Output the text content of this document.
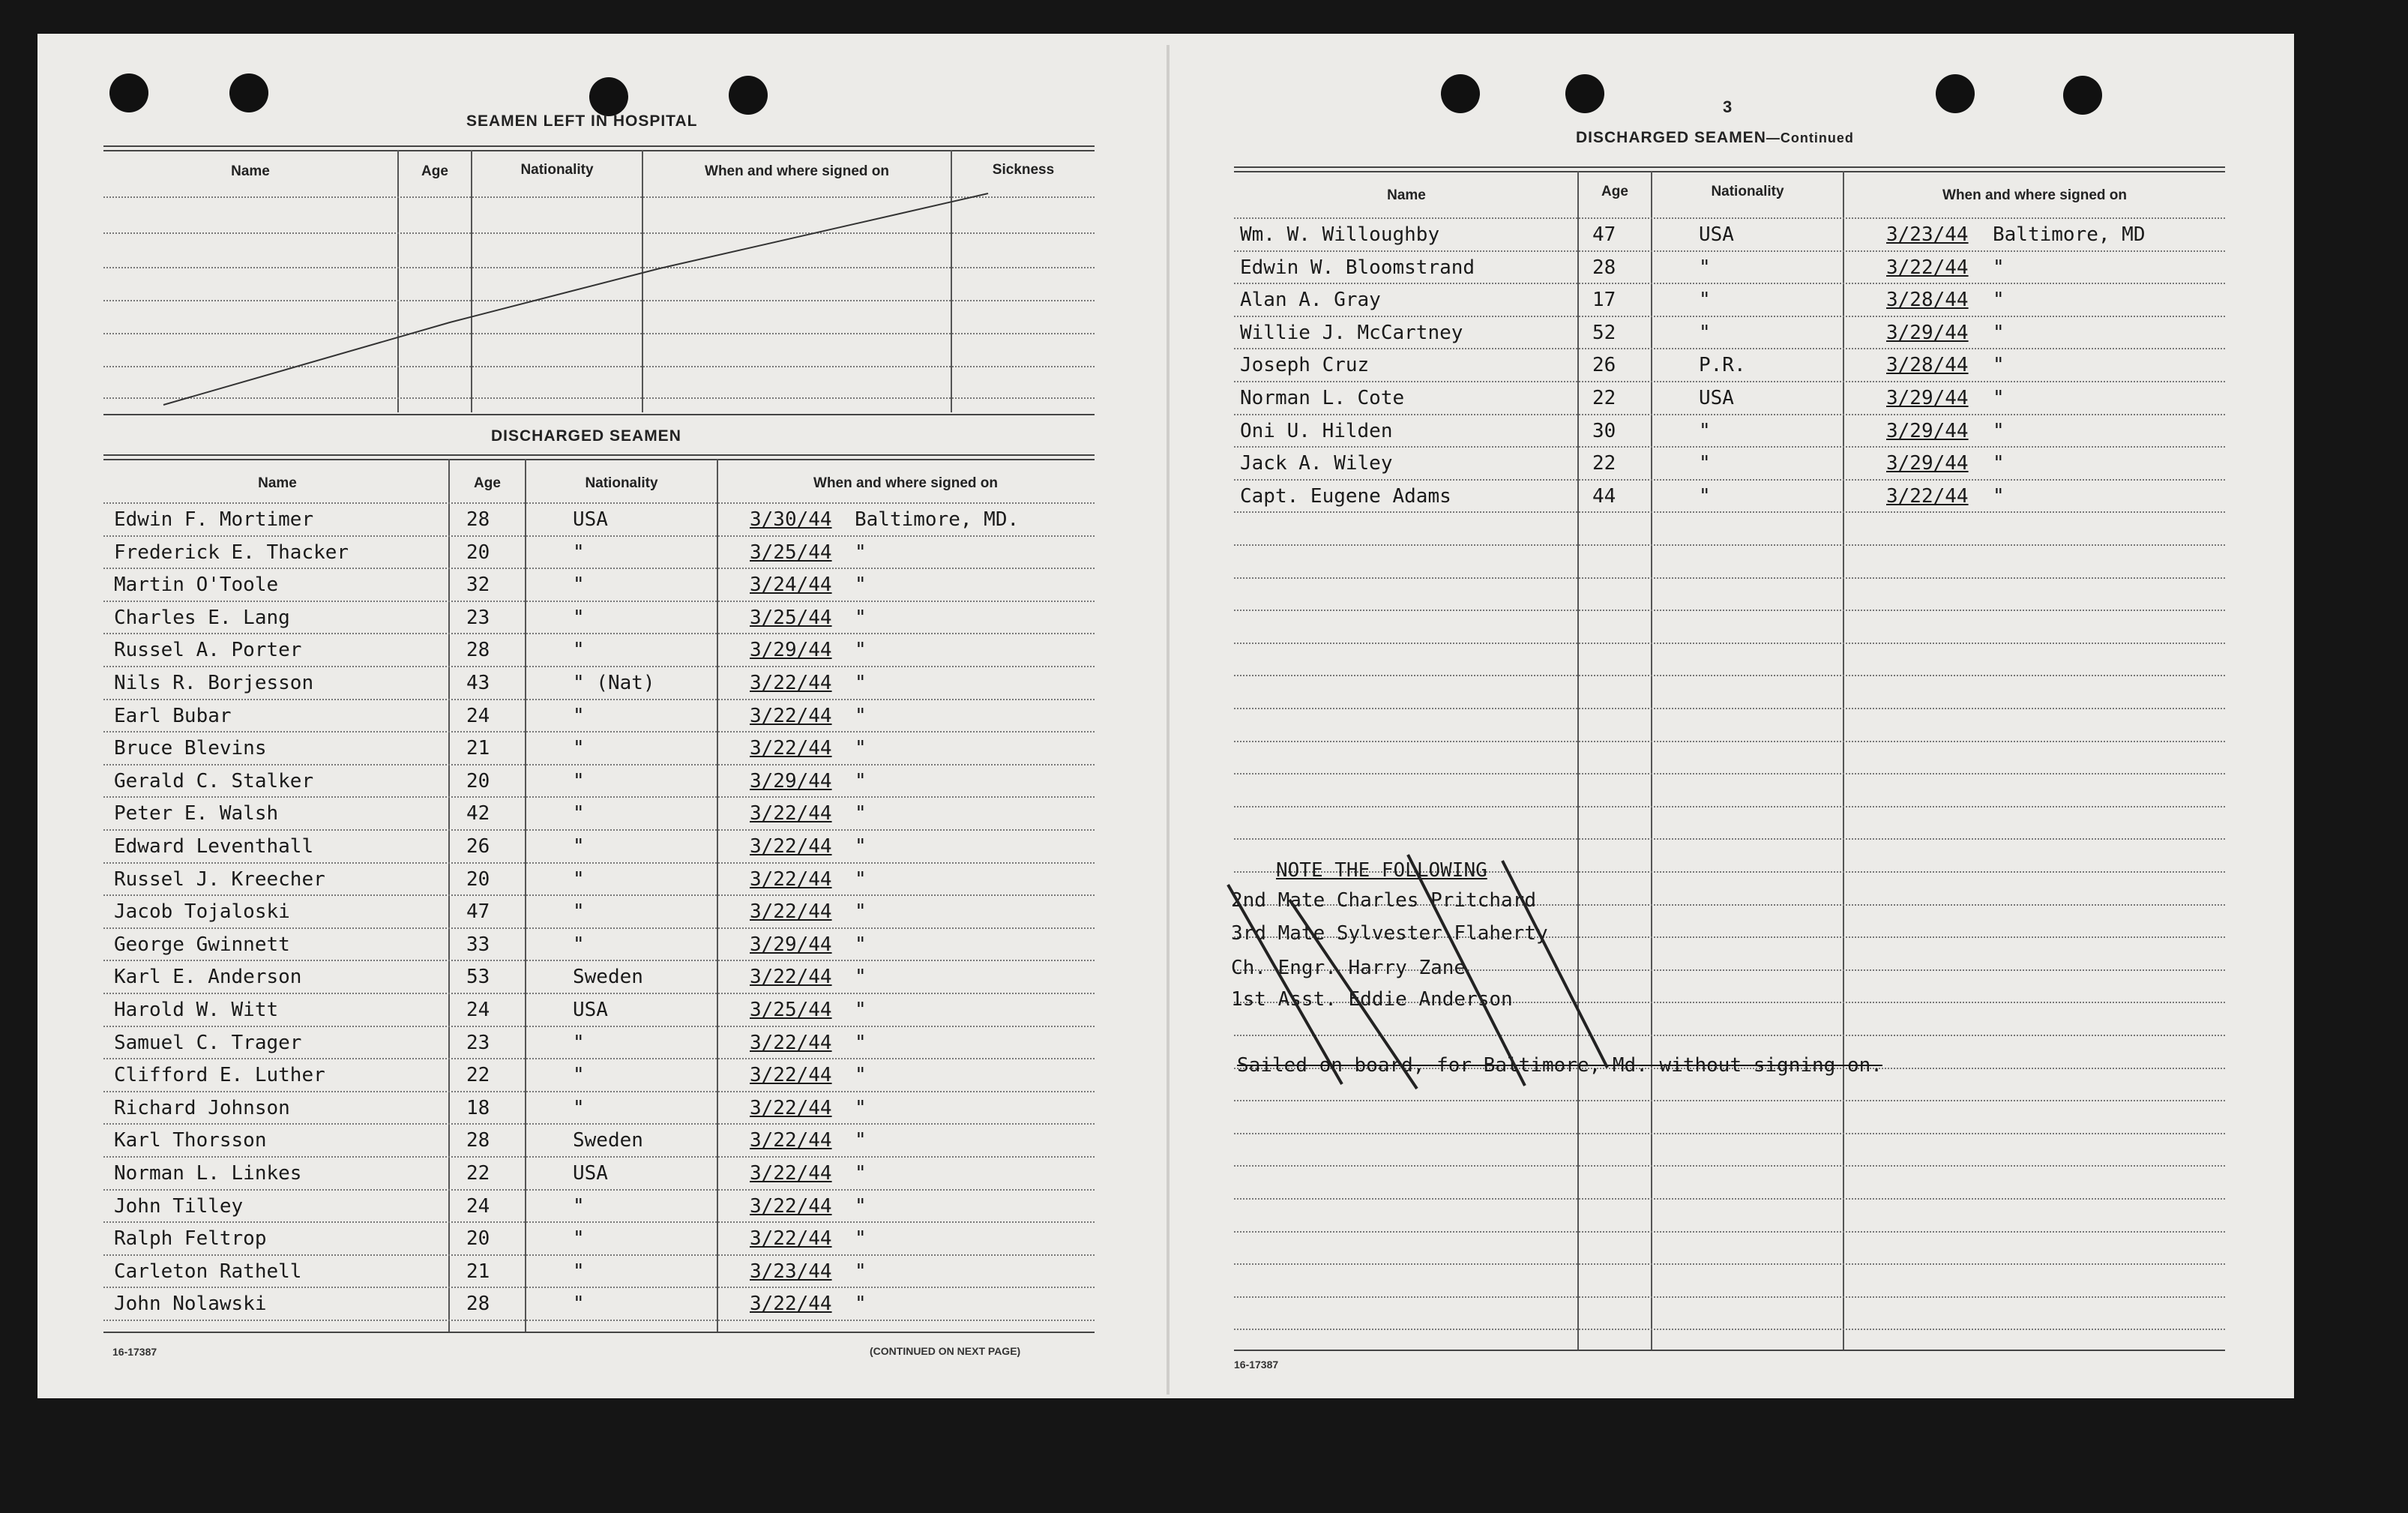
SEAMEN LEFT IN HOSPITAL
Name	Age	Nationality	When and where signed on	Sickness
DISCHARGED SEAMEN
Name	Age	Nationality	When and where signed on
Edwin F. Mortimer	28	USA	3/30/44 Baltimore, MD.
Frederick E. Thacker	20	"	3/25/44 "
Martin O'Toole	32	"	3/24/44 "
Charles E. Lang	23	"	3/25/44 "
Russel A. Porter	28	"	3/29/44 "
Nils R. Borjesson	43	" (Nat)	3/22/44 "
Earl Bubar	24	"	3/22/44 "
Bruce Blevins	21	"	3/22/44 "
Gerald C. Stalker	20	"	3/29/44 "
Peter E. Walsh	42	"	3/22/44 "
Edward Leventhall	26	"	3/22/44 "
Russel J. Kreecher	20	"	3/22/44 "
Jacob Tojaloski	47	"	3/22/44 "
George Gwinnett	33	"	3/29/44 "
Karl E. Anderson	53	Sweden	3/22/44 "
Harold W. Witt	24	USA	3/25/44 "
Samuel C. Trager	23	"	3/22/44 "
Clifford E. Luther	22	"	3/22/44 "
Richard Johnson	18	"	3/22/44 "
Karl Thorsson	28	Sweden	3/22/44 "
Norman L. Linkes	22	USA	3/22/44 "
John Tilley	24	"	3/22/44 "
Ralph Feltrop	20	"	3/22/44 "
Carleton Rathell	21	"	3/23/44 "
John Nolawski	28	"	3/22/44 "
16-17387	(CONTINUED ON NEXT PAGE)
3
DISCHARGED SEAMEN—Continued
Name	Age	Nationality	When and where signed on
Wm. W. Willoughby	47	USA	3/23/44 Baltimore, MD
Edwin W. Bloomstrand	28	"	3/22/44 "
Alan A. Gray	17	"	3/28/44 "
Willie J. McCartney	52	"	3/29/44 "
Joseph Cruz	26	P.R.	3/28/44 "
Norman L. Cote	22	USA	3/29/44 "
Oni U. Hilden	30	"	3/29/44 "
Jack A. Wiley	22	"	3/29/44 "
Capt. Eugene Adams	44	"	3/22/44 "
NOTE THE FOLLOWING
2nd Mate Charles Pritchard
3rd Mate Sylvester Flaherty
Ch. Engr. Harry Zane
1st Asst. Eddie Anderson
Sailed on board, for Baltimore, Md. without signing on.
16-17387
